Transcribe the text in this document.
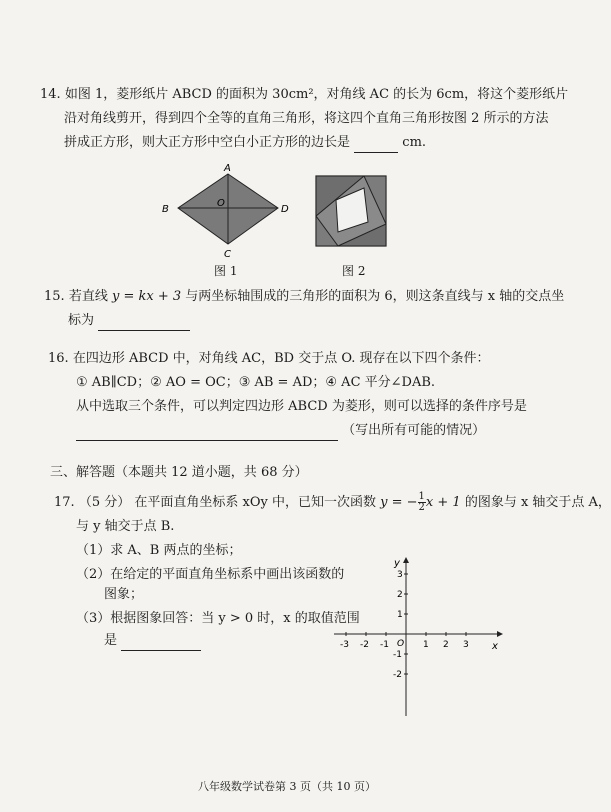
14. 如图 1，菱形纸片 ABCD 的面积为 30cm²，对角线 AC 的长为 6cm，将这个菱形纸片
沿对角线剪开，得到四个全等的直角三角形，将这四个直角三角形按图 2 所示的方法
拼成正方形，则大正方形中空白小正方形的边长是	cm.
A
B	D
C
O
图 1	图 2
15. 若直线 y = kx + 3 与两坐标轴围成的三角形的面积为 6，则这条直线与 x 轴的交点坐
标为
16. 在四边形 ABCD 中，对角线 AC，BD 交于点 O. 现存在以下四个条件：
① AB∥CD；② AO = OC；③ AB = AD；④ AC 平分∠DAB.
从中选取三个条件，可以判定四边形 ABCD 为菱形，则可以选择的条件序号是
（写出所有可能的情况）
三、解答题（本题共 12 道小题，共 68 分）
17. （5 分） 在平面直角坐标系 xOy 中，已知一次函数 y = − $\frac{1}{2}$ x + 1 的图象与 x 轴交于点 A，
与 y 轴交于点 B.
（1）求 A、B 两点的坐标；
（2）在给定的平面直角坐标系中画出该函数的
图象；
（3）根据图象回答：当 y > 0 时，x 的取值范围
是	x
y
O
-3 -2 -1	1 2 3
1
2
3
-1
-2
八年级数学试卷第 3 页（共 10 页）
